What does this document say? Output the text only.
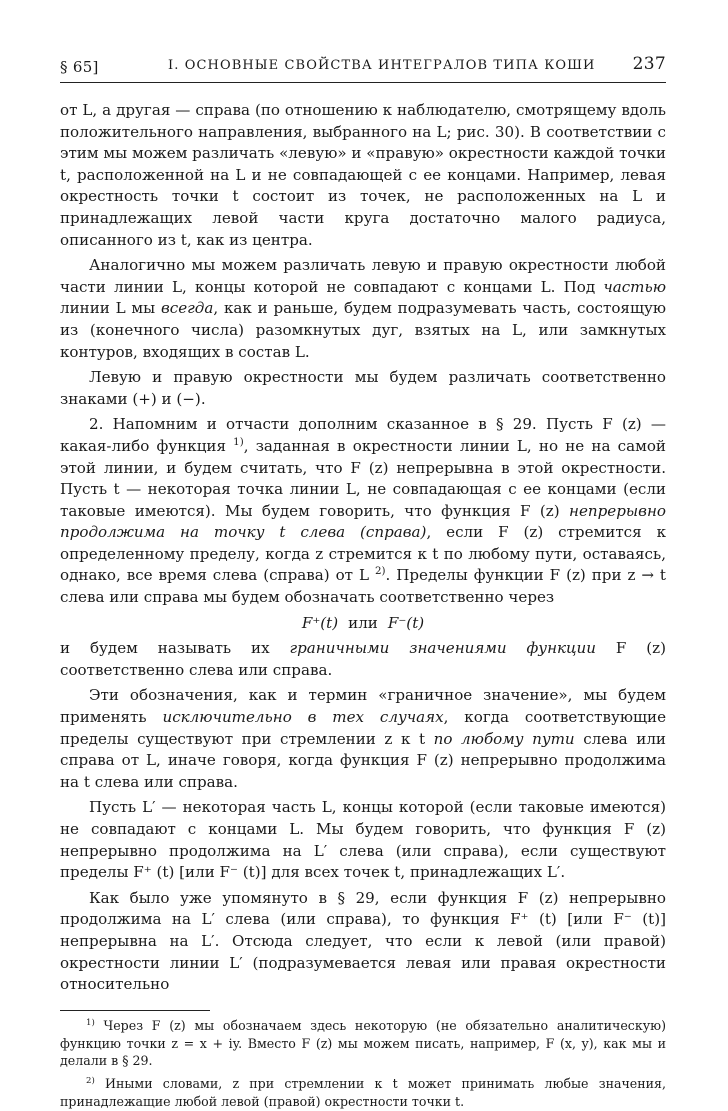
§ 65]	I. ОСНОВНЫЕ СВОЙСТВА ИНТЕГРАЛОВ ТИПА КОШИ 237

от L, а другая — справа (по отношению к наблюдателю, смотрящему вдоль положительного направления, выбранного на L; рис. 30). В соответствии с этим мы можем различать «левую» и «правую» окрестности каждой точки t, расположенной на L и не совпадающей с ее концами. Например, левая окрестность точки t состоит из точек, не расположенных на L и принадлежащих левой части круга достаточно малого радиуса, описанного из t, как из центра.

Аналогично мы можем различать левую и правую окрестности любой части линии L, концы которой не совпадают с концами L. Под частью линии L мы всегда, как и раньше, будем подразумевать часть, состоящую из (конечного числа) разомкнутых дуг, взятых на L, или замкнутых контуров, входящих в состав L.

Левую и правую окрестности мы будем различать соответственно знаками (+) и (−).

2. Напомним и отчасти дополним сказанное в § 29. Пусть F (z) — какая-либо функция $^{1)}$, заданная в окрестности линии L, но не на самой этой линии, и будем считать, что F (z) непрерывна в этой окрестности. Пусть t — некоторая точка линии L, не совпадающая с ее концами (если таковые имеются). Мы будем говорить, что функция F (z) непрерывно продолжима на точку t слева (справа), если F (z) стремится к определенному пределу, когда z стремится к t по любому пути, оставаясь, однако, все время слева (справа) от L $^{2)}$. Пределы функции F (z) при z → t слева или справа мы будем обозначать соответственно через

F⁺(t) или F⁻(t)

и будем называть их граничными значениями функции F (z) соответственно слева или справа.

Эти обозначения, как и термин «граничное значение», мы будем применять исключительно в тех случаях, когда соответствующие пределы существуют при стремлении z к t по любому пути слева или справа от L, иначе говоря, когда функция F (z) непрерывно продолжима на t слева или справа.

Пусть L′ — некоторая часть L, концы которой (если таковые имеются) не совпадают с концами L. Мы будем говорить, что функция F (z) непрерывно продолжима на L′ слева (или справа), если существуют пределы F⁺ (t) [или F⁻ (t)] для всех точек t, принадлежащих L′.

Как было уже упомянуто в § 29, если функция F (z) непрерывно продолжима на L′ слева (или справа), то функция F⁺ (t) [или F⁻ (t)] непрерывна на L′. Отсюда следует, что если к левой (или правой) окрестности линии L′ (подразумевается левая или правая окрестности относительно

$^{1)}$ Через F (z) мы обозначаем здесь некоторую (не обязательно аналитическую) функцию точки z = x + iy. Вместо F (z) мы можем писать, например, F (x, y), как мы и делали в § 29.

$^{2)}$ Иными словами, z при стремлении к t может принимать любые значения, принадлежащие любой левой (правой) окрестности точки t.
